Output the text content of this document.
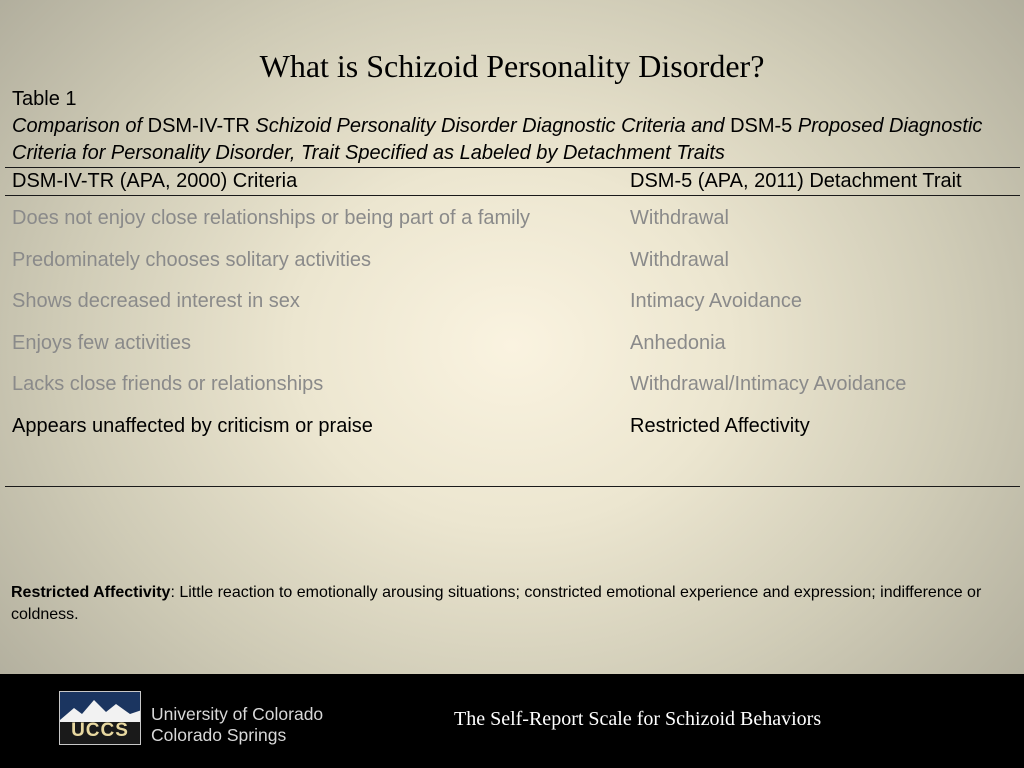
What is Schizoid Personality Disorder?
Table 1
Comparison of DSM-IV-TR Schizoid Personality Disorder Diagnostic Criteria and DSM-5 Proposed Diagnostic Criteria for Personality Disorder, Trait Specified as Labeled by Detachment Traits
DSM-IV-TR (APA, 2000) Criteria	DSM-5 (APA, 2011) Detachment Trait
Does not enjoy close relationships or being part of a family	Withdrawal
Predominately chooses solitary activities	Withdrawal
Shows decreased interest in sex	Intimacy Avoidance
Enjoys few activities	Anhedonia
Lacks close friends or relationships	Withdrawal/Intimacy Avoidance
Appears unaffected by criticism or praise	Restricted Affectivity
Restricted Affectivity: Little reaction to emotionally arousing situations; constricted emotional experience and expression; indifference or coldness.
UCCS
University of Colorado
Colorado Springs
The Self-Report Scale for Schizoid Behaviors
